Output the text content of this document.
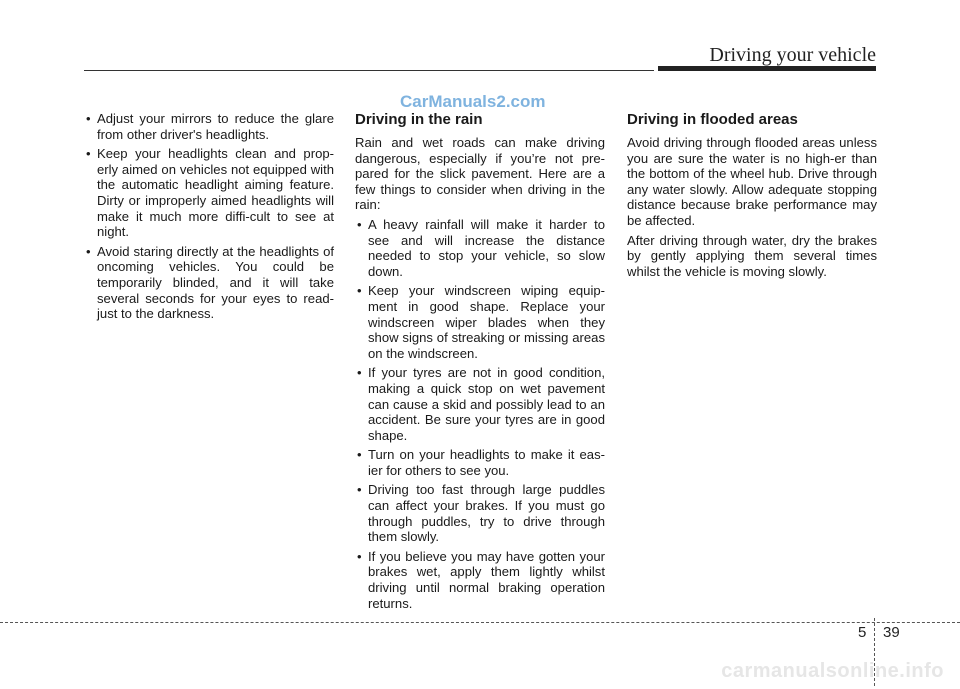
Driving your vehicle
CarManuals2.com
• Adjust your mirrors to reduce the glare from other driver's headlights.
• Keep your headlights clean and prop-erly aimed on vehicles not equipped with the automatic headlight aiming feature. Dirty or improperly aimed headlights will make it much more diffi-cult to see at night.
• Avoid staring directly at the headlights of oncoming vehicles. You could be temporarily blinded, and it will take several seconds for your eyes to read-just to the darkness.
Driving in the rain

Rain and wet roads can make driving dangerous, especially if you’re not pre-pared for the slick pavement. Here are a few things to consider when driving in the rain:

• A heavy rainfall will make it harder to see and will increase the distance needed to stop your vehicle, so slow down.
• Keep your windscreen wiping equip-ment in good shape. Replace your windscreen wiper blades when they show signs of streaking or missing areas on the windscreen.
• If your tyres are not in good condition, making a quick stop on wet pavement can cause a skid and possibly lead to an accident. Be sure your tyres are in good shape.
• Turn on your headlights to make it eas-ier for others to see you.
• Driving too fast through large puddles can affect your brakes. If you must go through puddles, try to drive through them slowly.
• If you believe you may have gotten your brakes wet, apply them lightly whilst driving until normal braking operation returns.
Driving in flooded areas

Avoid driving through flooded areas unless you are sure the water is no high-er than the bottom of the wheel hub. Drive through any water slowly. Allow adequate stopping distance because brake performance may be affected.

After driving through water, dry the brakes by gently applying them several times whilst the vehicle is moving slowly.

5 39
carmanualsonline.info
